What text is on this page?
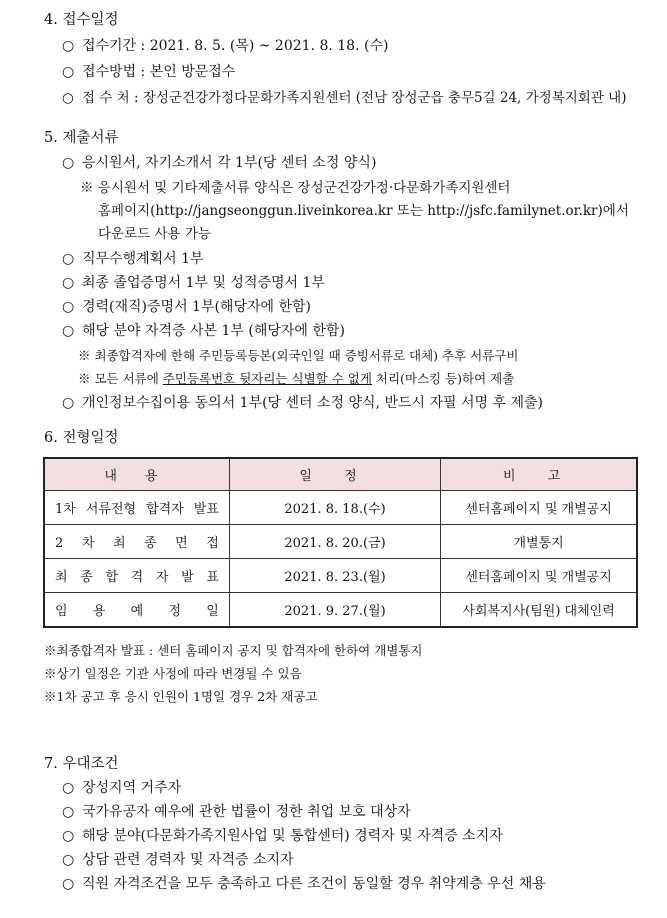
4. 접수일정
○ 접수기간 : 2021. 8. 5. (목) ~ 2021. 8. 18. (수)
○ 접수방법 : 본인 방문접수
○ 접 수 처 : 장성군건강가정다문화가족지원센터 (전남 장성군읍 충무5길 24, 가정복지회관 내)
5. 제출서류
○ 응시원서, 자기소개서 각 1부(당 센터 소정 양식)
※ 응시원서 및 기타제출서류 양식은 장성군건강가정·다문화가족지원센터
홈페이지(http://jangseonggun.liveinkorea.kr 또는 http://jsfc.familynet.or.kr)에서
다운로드 사용 가능
○ 직무수행계획서 1부
○ 최종 졸업증명서 1부 및 성적증명서 1부
○ 경력(재직)증명서 1부(해당자에 한함)
○ 해당 분야 자격증 사본 1부 (해당자에 한함)
※ 최종합격자에 한해 주민등록등본(외국인일 때 증빙서류로 대체) 추후 서류구비
※ 모든 서류에 주민등록번호 뒷자리는 식별할 수 없게 처리(마스킹 등)하여 제출
○ 개인정보수집이용 동의서 1부(당 센터 소정 양식, 반드시 자필 서명 후 제출)
6. 전형일정
내 용	일 정	비 고
1차 서류전형 합격자 발표	2021. 8. 18.(수)	센터홈페이지 및 개별공지
2 차 최 종 면 접	2021. 8. 20.(금)	개별통지
최 종 합 격 자 발 표	2021. 8. 23.(월)	센터홈페이지 및 개별공지
임 용 예 정 일	2021. 9. 27.(월)	사회복지사(팀원) 대체인력
※최종합격자 발표 : 센터 홈페이지 공지 및 합격자에 한하여 개별통지
※상기 일정은 기관 사정에 따라 변경될 수 있음
※1차 공고 후 응시 인원이 1명일 경우 2차 재공고
7. 우대조건
○ 장성지역 거주자
○ 국가유공자 예우에 관한 법률이 정한 취업 보호 대상자
○ 해당 분야(다문화가족지원사업 및 통합센터) 경력자 및 자격증 소지자
○ 상담 관련 경력자 및 자격증 소지자
○ 직원 자격조건을 모두 충족하고 다른 조건이 동일할 경우 취약계층 우선 채용
